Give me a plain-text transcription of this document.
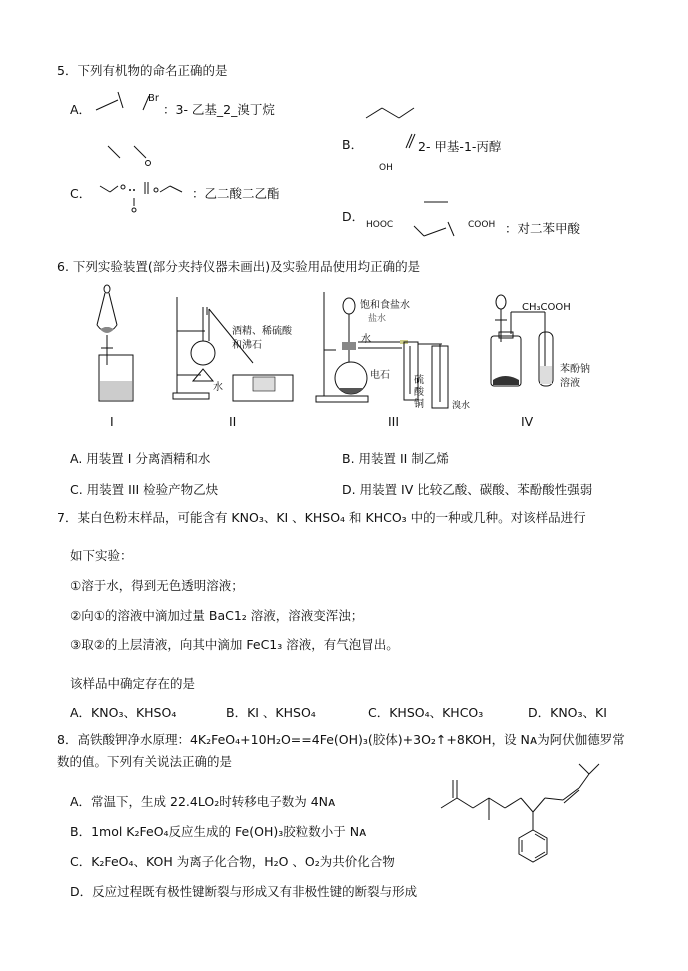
5．下列有机物的命名正确的是
A．
Br
：3- 乙基_2_溴丁烷
B．
OH
2- 甲基-1-丙醇
C．	：乙二酸二乙酯
D．
HOOC	COOH ：对二苯甲酸
6. 下列实验装置(部分夹持仪器未画出)及实验用品使用均正确的是
I
酒精、稀硫酸
和沸石
水
II
饱和食盐水
盐水
水
电石 硫
酸
铜	溴水
III
CH₃COOH
苯酚钠
溶液
IV
A. 用装置 I 分离酒精和水	B. 用装置 II 制乙烯
C. 用装置 III 检验产物乙炔	D. 用装置 IV 比较乙酸、碳酸、苯酚酸性强弱
7．某白色粉末样品，可能含有 KNO₃、KI 、KHSO₄ 和 KHCO₃ 中的一种或几种。对该样品进行
如下实验：
①溶于水，得到无色透明溶液；
②向①的溶液中滴加过量 BaC1₂ 溶液，溶液变浑浊；
③取②的上层清液，向其中滴加 FeC1₃ 溶液，有气泡冒出。
该样品中确定存在的是
A．KNO₃、KHSO₄	B．KI 、KHSO₄	C．KHSO₄、KHCO₃	D．KNO₃、KI
8．高铁酸钾净水原理：4K₂FeO₄+10H₂O==4Fe(OH)₃(胶体)+3O₂↑+8KOH，设 Nᴀ为阿伏伽德罗常
数的值。下列有关说法正确的是
A．常温下，生成 22.4LO₂时转移电子数为 4Nᴀ
B．1mol K₂FeO₄反应生成的 Fe(OH)₃胶粒数小于 Nᴀ
C．K₂FeO₄、KOH 为离子化合物，H₂O 、O₂为共价化合物
D．反应过程既有极性键断裂与形成又有非极性键的断裂与形成
